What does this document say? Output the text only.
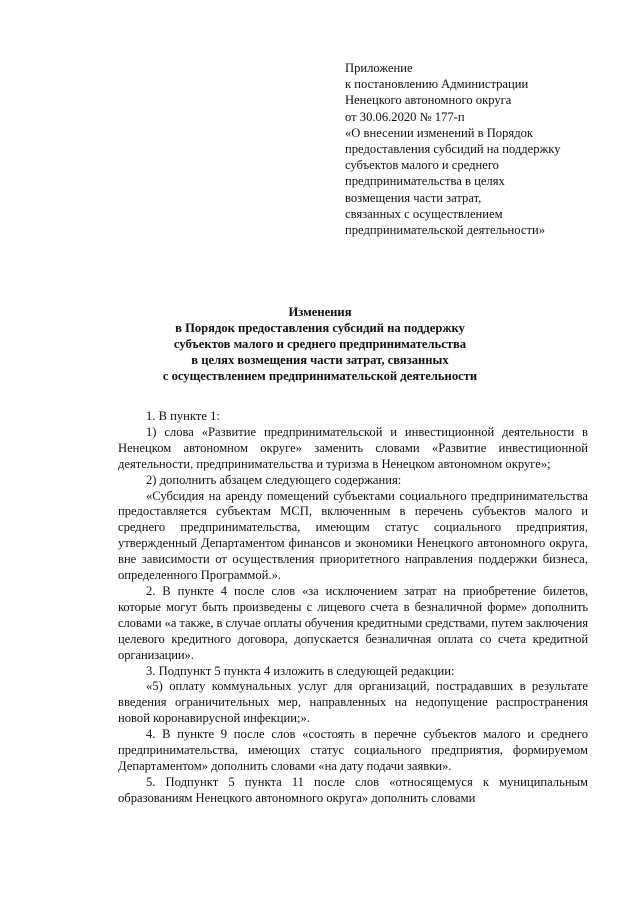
Приложение
к постановлению Администрации
Ненецкого автономного округа
от 30.06.2020 № 177-п
«О внесении изменений в Порядок
предоставления субсидий на поддержку
субъектов малого и среднего
предпринимательства в целях
возмещения части затрат,
связанных с осуществлением
предпринимательской деятельности»
Изменения
в Порядок предоставления субсидий на поддержку
субъектов малого и среднего предпринимательства
в целях возмещения части затрат, связанных
с осуществлением предпринимательской деятельности

1. В пункте 1:

1) слова «Развитие предпринимательской и инвестиционной деятельности в Ненецком автономном округе» заменить словами «Развитие инвестиционной деятельности, предпринимательства и туризма в Ненецком автономном округе»;

2) дополнить абзацем следующего содержания:

«Субсидия на аренду помещений субъектами социального предпринимательства предоставляется субъектам МСП, включенным в перечень субъектов малого и среднего предпринимательства, имеющим статус социального предприятия, утвержденный Департаментом финансов и экономики Ненецкого автономного округа, вне зависимости от осуществления приоритетного направления поддержки бизнеса, определенного Программой.».

2. В пункте 4 после слов «за исключением затрат на приобретение билетов, которые могут быть произведены с лицевого счета в безналичной форме» дополнить словами «а также, в случае оплаты обучения кредитными средствами, путем заключения целевого кредитного договора, допускается безналичная оплата со счета кредитной организации».

3. Подпункт 5 пункта 4 изложить в следующей редакции:

«5) оплату коммунальных услуг для организаций, пострадавших в результате введения ограничительных мер, направленных на недопущение распространения новой коронавирусной инфекции;».

4. В пункте 9 после слов «состоять в перечне субъектов малого и среднего предпринимательства, имеющих статус социального предприятия, формируемом Департаментом» дополнить словами «на дату подачи заявки».

5. Подпункт 5 пункта 11 после слов «относящемуся к муниципальным образованиям Ненецкого автономного округа» дополнить словами
